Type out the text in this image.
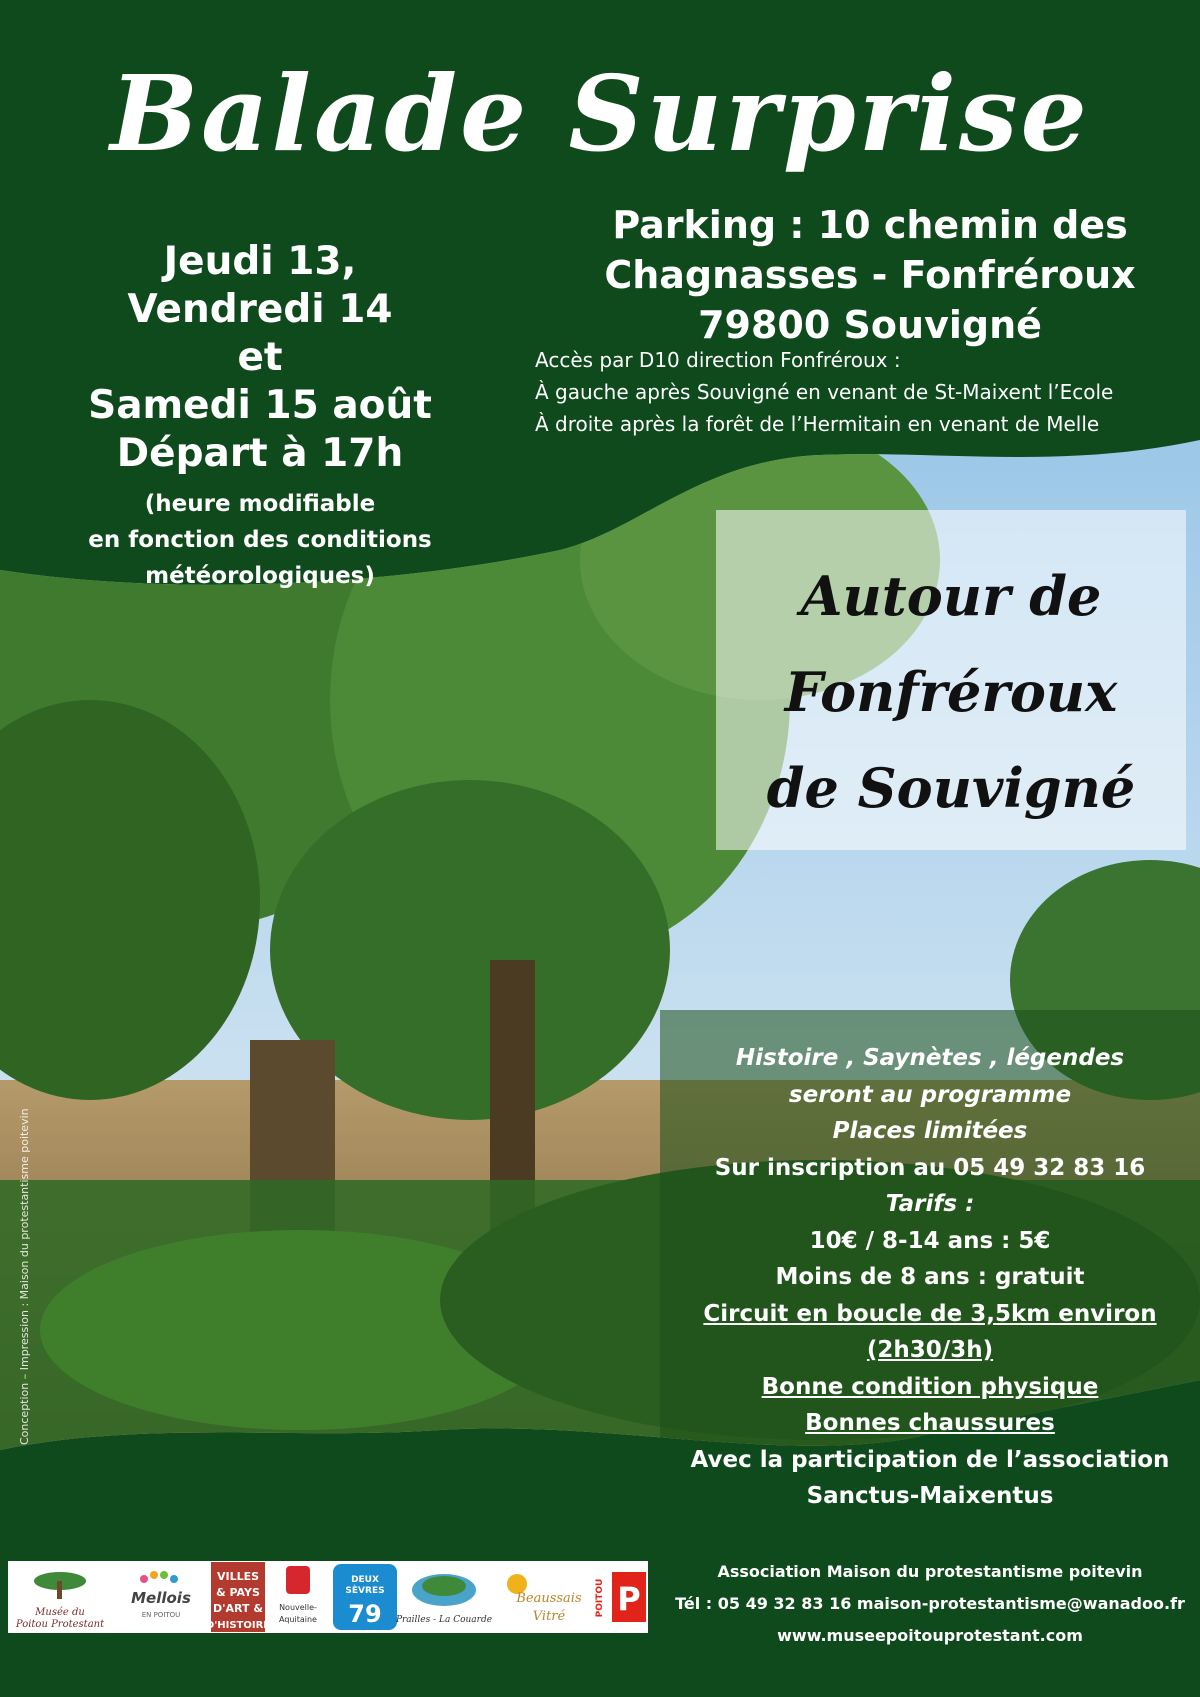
Balade Surprise
Jeudi 13,
Vendredi 14
et
Samedi 15 août
Départ à 17h
(heure modifiable
en fonction des conditions
météorologiques)
Parking : 10 chemin des
Chagnasses - Fonfréroux
79800 Souvigné
Accès par D10 direction Fonfréroux :
À gauche après Souvigné en venant de St-Maixent l’Ecole
À droite après la forêt de l’Hermitain en venant de Melle
Autour de
Fonfréroux
de Souvigné
Histoire , Saynètes , légendes
seront au programme
Places limitées
Sur inscription au 05 49 32 83 16
Tarifs :
10€ / 8-14 ans : 5€
Moins de 8 ans : gratuit
Circuit en boucle de 3,5km environ
(2h30/3h)
Bonne condition physique
Bonnes chaussures
Avec la participation de l’association
Sanctus-Maixentus
Conception – Impression : Maison du protestantisme poitevin
Musée du
Poitou Protestant
Mellois
EN POITOU
VILLES
& PAYS
D'ART &
D'HISTOIRE
Nouvelle-
Aquitaine
DEUX
SÈVRES
79 Prailles - La Couarde
Beaussais
Vitré P
POITOU
Association Maison du protestantisme poitevin
Tél : 05 49 32 83 16 maison-protestantisme@wanadoo.fr
www.museepoitouprotestant.com
